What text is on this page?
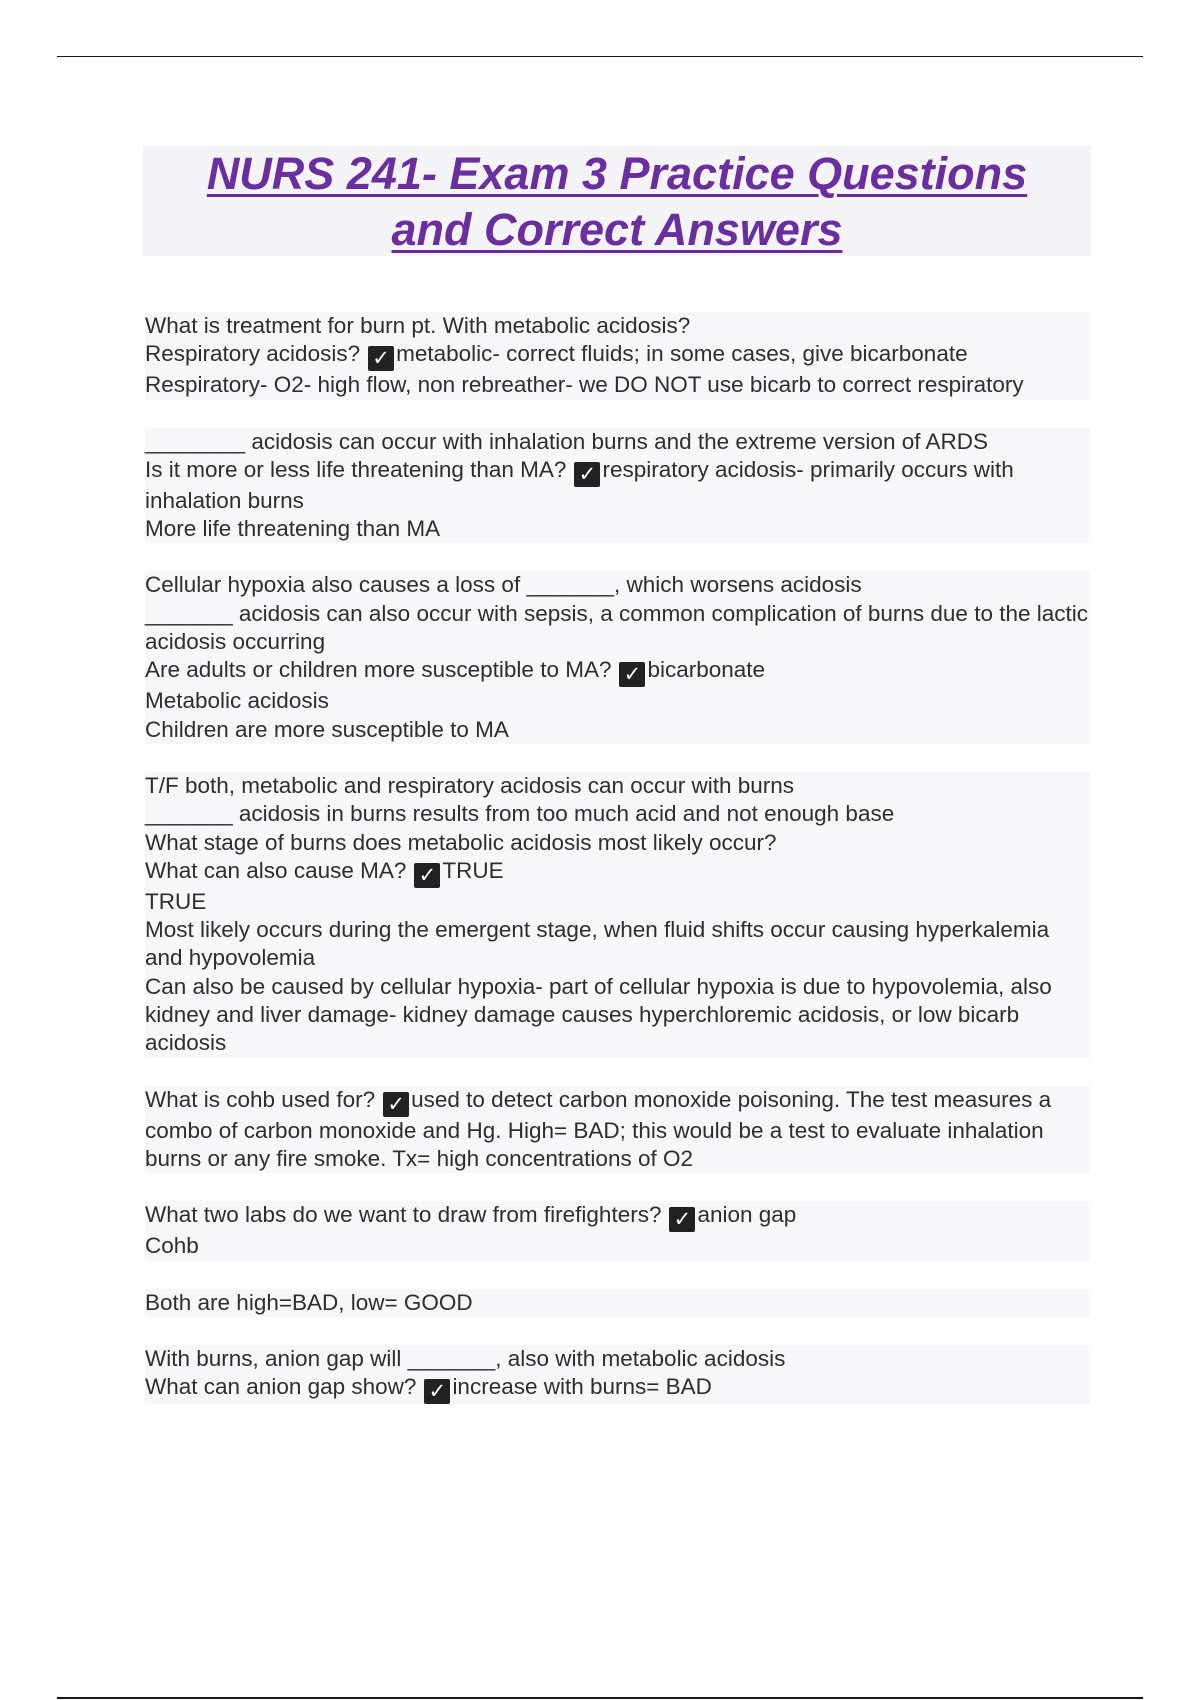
NURS 241- Exam 3 Practice Questions
and Correct Answers
What is treatment for burn pt. With metabolic acidosis?
Respiratory acidosis? ✓ metabolic- correct fluids; in some cases, give bicarbonate
Respiratory- O2- high flow, non rebreather- we DO NOT use bicarb to correct respiratory
________ acidosis can occur with inhalation burns and the extreme version of ARDS
Is it more or less life threatening than MA? ✓ respiratory acidosis- primarily occurs with inhalation burns
More life threatening than MA
Cellular hypoxia also causes a loss of _______, which worsens acidosis
_______ acidosis can also occur with sepsis, a common complication of burns due to the lactic acidosis occurring
Are adults or children more susceptible to MA? ✓ bicarbonate
Metabolic acidosis
Children are more susceptible to MA
T/F both, metabolic and respiratory acidosis can occur with burns
_______ acidosis in burns results from too much acid and not enough base
What stage of burns does metabolic acidosis most likely occur?
What can also cause MA? ✓ TRUE
TRUE
Most likely occurs during the emergent stage, when fluid shifts occur causing hyperkalemia and hypovolemia
Can also be caused by cellular hypoxia- part of cellular hypoxia is due to hypovolemia, also kidney and liver damage- kidney damage causes hyperchloremic acidosis, or low bicarb acidosis
What is cohb used for? ✓ used to detect carbon monoxide poisoning. The test measures a combo of carbon monoxide and Hg. High= BAD; this would be a test to evaluate inhalation burns or any fire smoke. Tx= high concentrations of O2
What two labs do we want to draw from firefighters? ✓ anion gap
Cohb
Both are high=BAD, low= GOOD
With burns, anion gap will _______, also with metabolic acidosis
What can anion gap show? ✓ increase with burns= BAD
